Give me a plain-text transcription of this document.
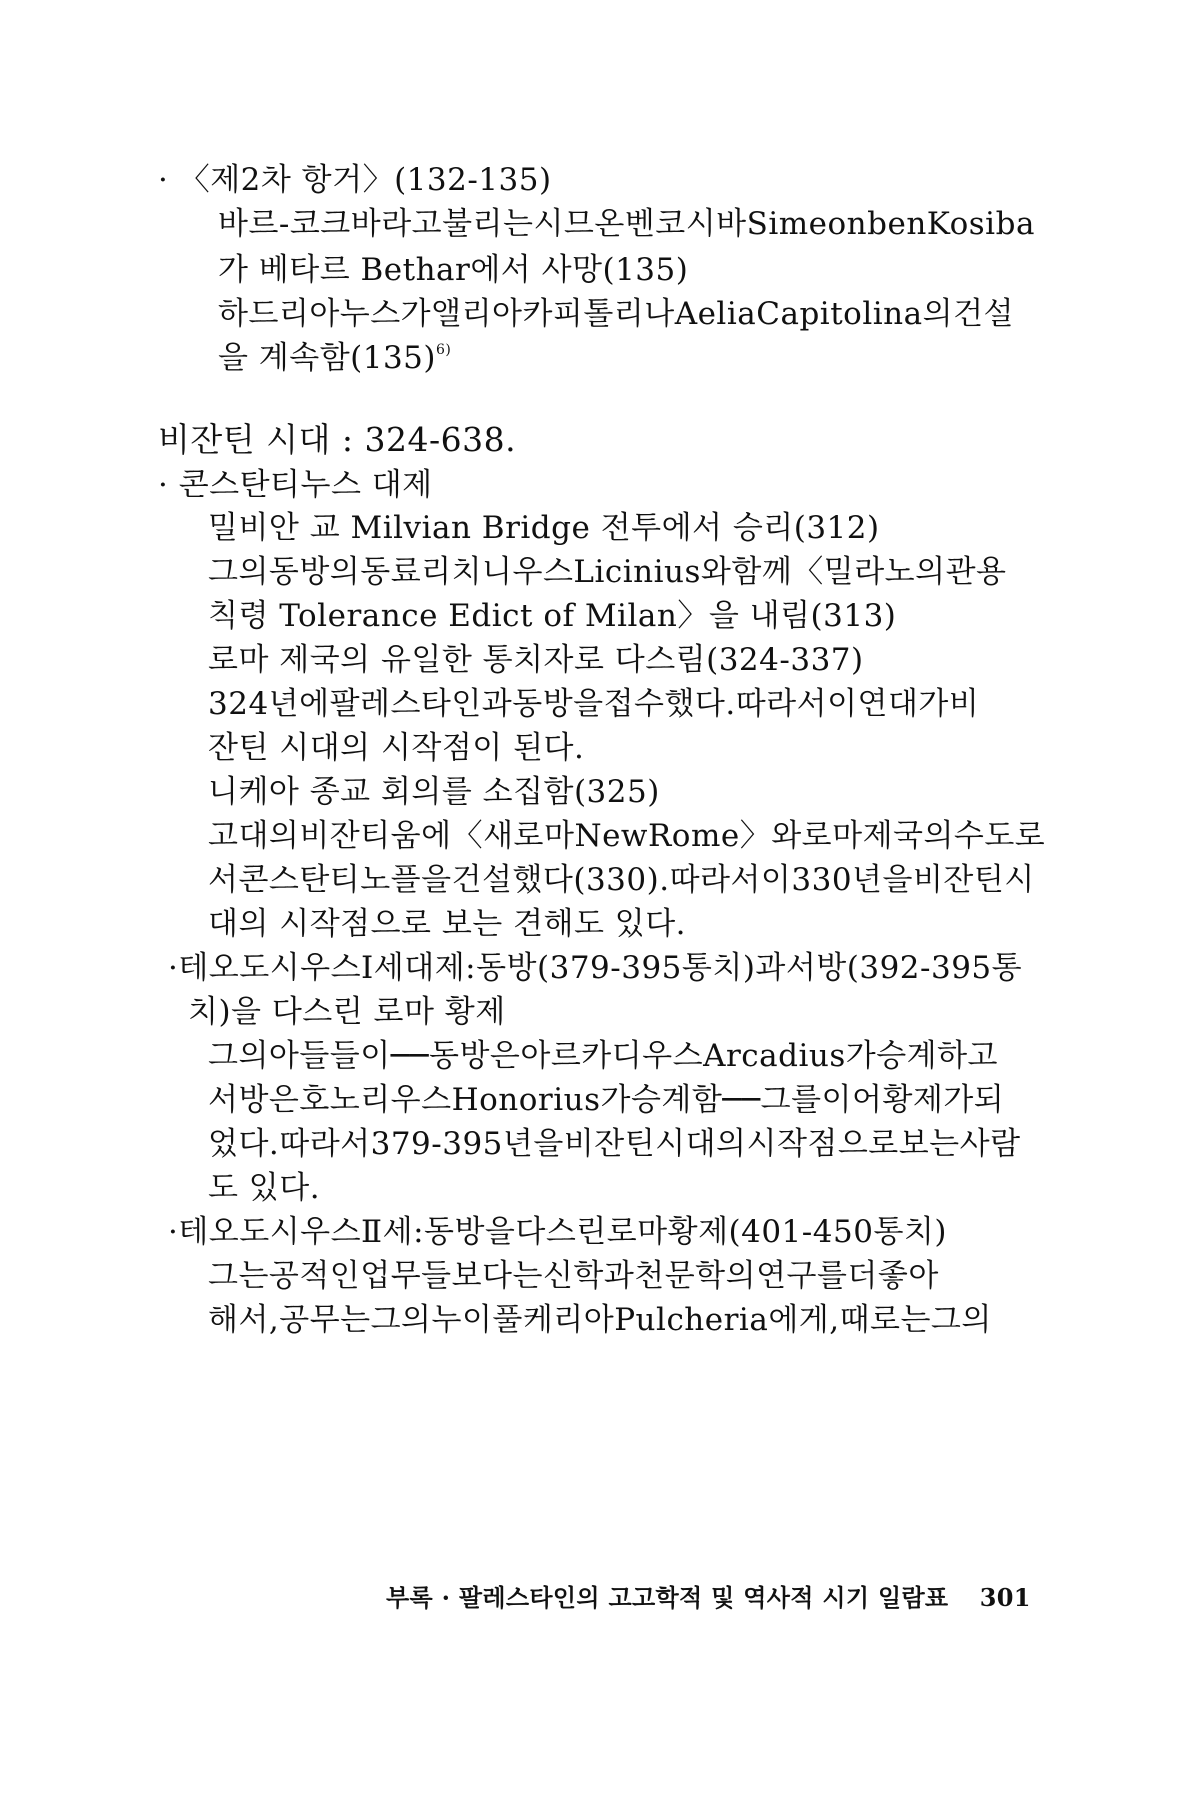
· 〈제2차 항거〉(132-135)
바르-코크바라고 불리는 시므온 벤 코시바 Simeon ben Kosiba
가 베타르 Bethar에서 사망(135)
하드리아누스가 앨리아 카피톨리나 Aelia Capitolina의 건설
을 계속함$(135)^{6)}$
비잔틴 시대 : 324-638.
· 콘스탄티누스 대제
밀비안 교 Milvian Bridge 전투에서 승리(312)
그의 동방의 동료 리치니우스 Licinius와 함께 〈밀라노의 관용
칙령 Tolerance Edict of Milan〉을 내림(313)
로마 제국의 유일한 통치자로 다스림(324-337)
324년에 팔레스타인과 동방을 접수했다. 따라서 이 연대가 비
잔틴 시대의 시작점이 된다.
니케아 종교 회의를 소집함(325)
고대의 비잔티움에 〈새 로마 New Rome〉와 로마 제국의 수도로
서 콘스탄티노플을 건설했다(330). 따라서 이 330년을 비잔틴 시
대의 시작점으로 보는 견해도 있다.
· 테오도시우스 Ⅰ세 대제 : 동방(379-395 통치)과 서방(392-395 통
치)을 다스린 로마 황제
그의 아들들이 ── 동방은 아르카디우스 Arcadius가 승계하고
서방은 호노리우스 Honorius가 승계함 ── 그를 이어 황제가 되
었다. 따라서 379-395년을 비잔틴 시대의 시작점으로 보는 사람
도 있다.
· 테오도시우스 Ⅱ세 : 동방을 다스린 로마 황제(401-450 통치)
그는 공적인 업무들보다는 신학과 천문학의 연구를 더 좋아
해서, 공무는 그의 누이 풀케리아 Pulcheria에게, 때로는 그의
부록 · 팔레스타인의 고고학적 및 역사적 시기 일람표 301
